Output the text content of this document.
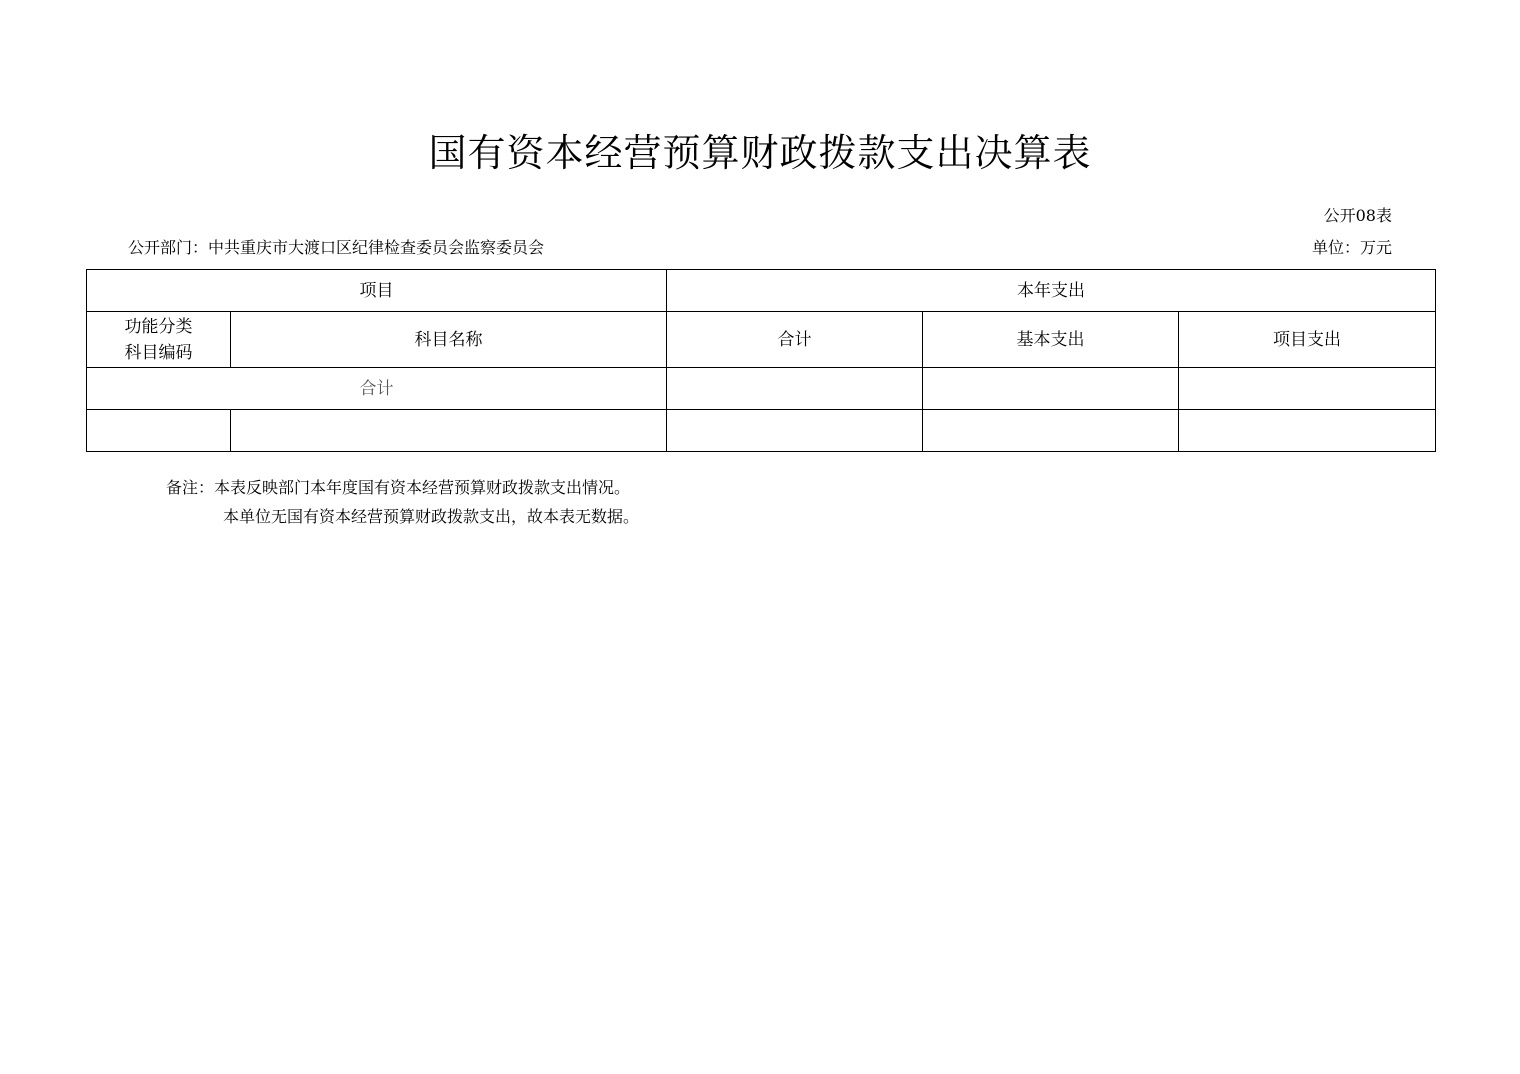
国有资本经营预算财政拨款支出决算表
公开08表
公开部门：中共重庆市大渡口区纪律检查委员会监察委员会	单位：万元
项目		本年支出		

功能分类
科目编码	科目名称	合计	基本支出	项目支出
合计				

备注：本表反映部门本年度国有资本经营预算财政拨款支出情况。
本单位无国有资本经营预算财政拨款支出，故本表无数据。
